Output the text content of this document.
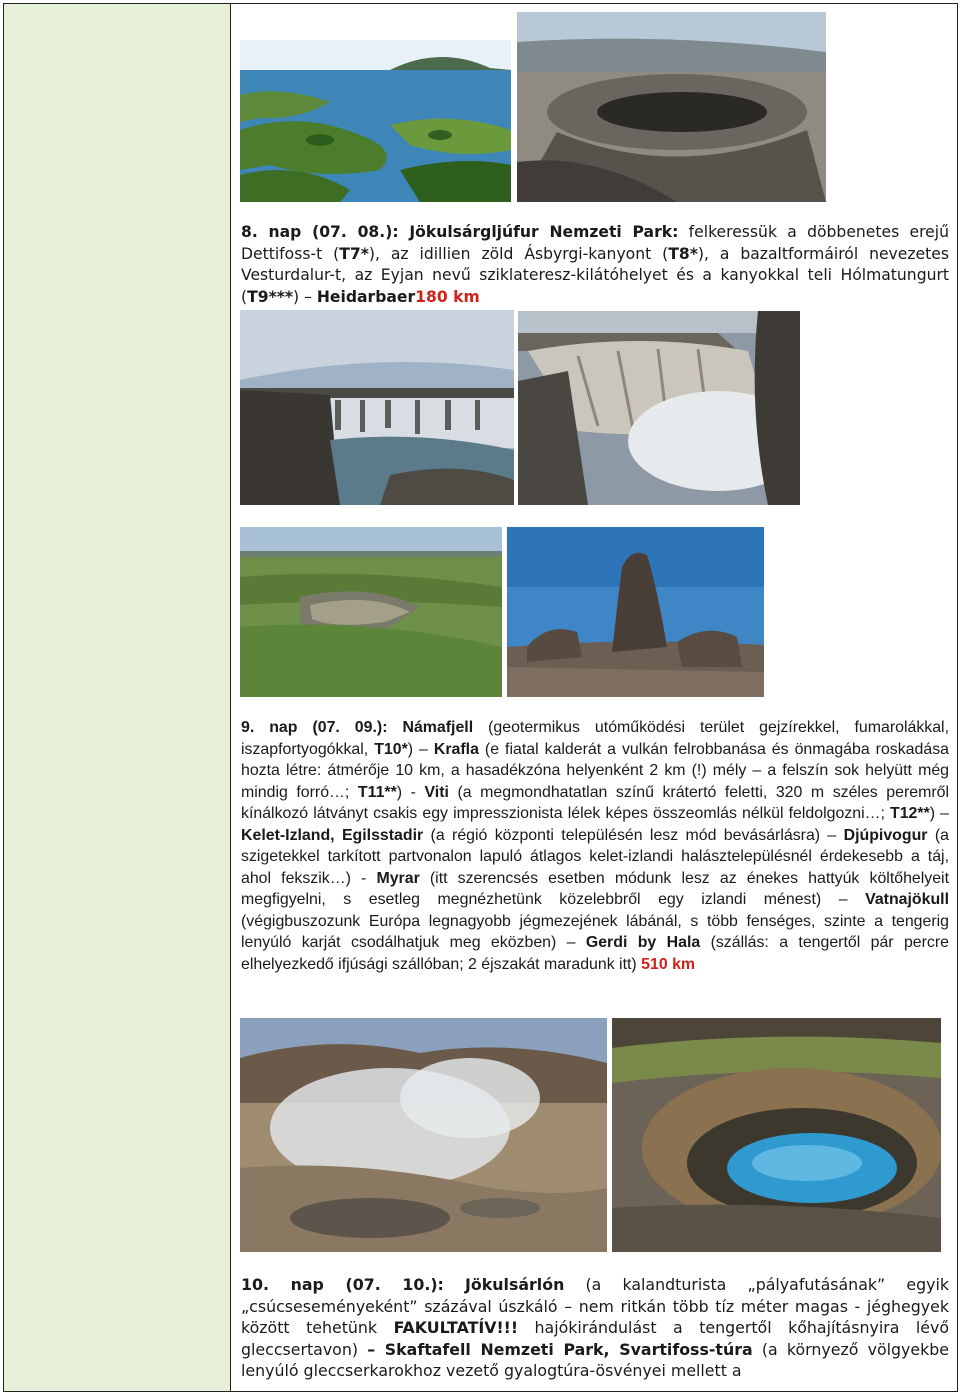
8. nap (07. 08.): Jökulsárgljúfur Nemzeti Park: felkeressük a döbbenetes erejű Dettifoss-t (T7*), az idillien zöld Ásbyrgi-kanyont (T8*), a bazaltformáiról nevezetes Vesturdalur-t, az Eyjan nevű sziklateresz-kilátóhelyet és a kanyokkal teli Hólmatungurt (T9***) – Heidarbaer180 km

9. nap (07. 09.): Námafjell (geotermikus utóműködési terület gejzírekkel, fumarolákkal, iszapfortyogókkal, T10*) – Krafla (e fiatal kalderát a vulkán felrobbanása és önmagába roskadása hozta létre: átmérője 10 km, a hasadékzóna helyenként 2 km (!) mély – a felszín sok helyütt még mindig forró…; T11**) - Viti (a megmondhatatlan színű krátertó feletti, 320 m széles peremről kínálkozó látványt csakis egy impresszionista lélek képes összeomlás nélkül feldolgozni…; T12**) – Kelet-Izland, Egilsstadir (a régió központi településén lesz mód bevásárlásra) – Djúpivogur (a szigetekkel tarkított partvonalon lapuló átlagos kelet-izlandi halásztelepülésnél érdekesebb a táj, ahol fekszik…) - Myrar (itt szerencsés esetben módunk lesz az énekes hattyúk költőhelyeit megfigyelni, s esetleg megnézhetünk közelebbről egy izlandi ménest) – Vatnajökull (végigbuszozunk Európa legnagyobb jégmezejének lábánál, s több fenséges, szinte a tengerig lenyúló karját csodálhatjuk meg eközben) – Gerdi by Hala (szállás: a tengertől pár percre elhelyezkedő ifjúsági szállóban; 2 éjszakát maradunk itt) 510 km

10. nap (07. 10.): Jökulsárlón (a kalandturista „pályafutásának” egyik „csúcseseményeként” százával úszkáló – nem ritkán több tíz méter magas - jéghegyek között tehetünk FAKULTATÍV!!! hajókirándulást a tengertől kőhajításnyira lévő gleccsertavon) – Skaftafell Nemzeti Park, Svartifoss-túra (a környező völgyekbe lenyúló gleccserkarokhoz vezető gyalogtúra-ösvényei mellett a
